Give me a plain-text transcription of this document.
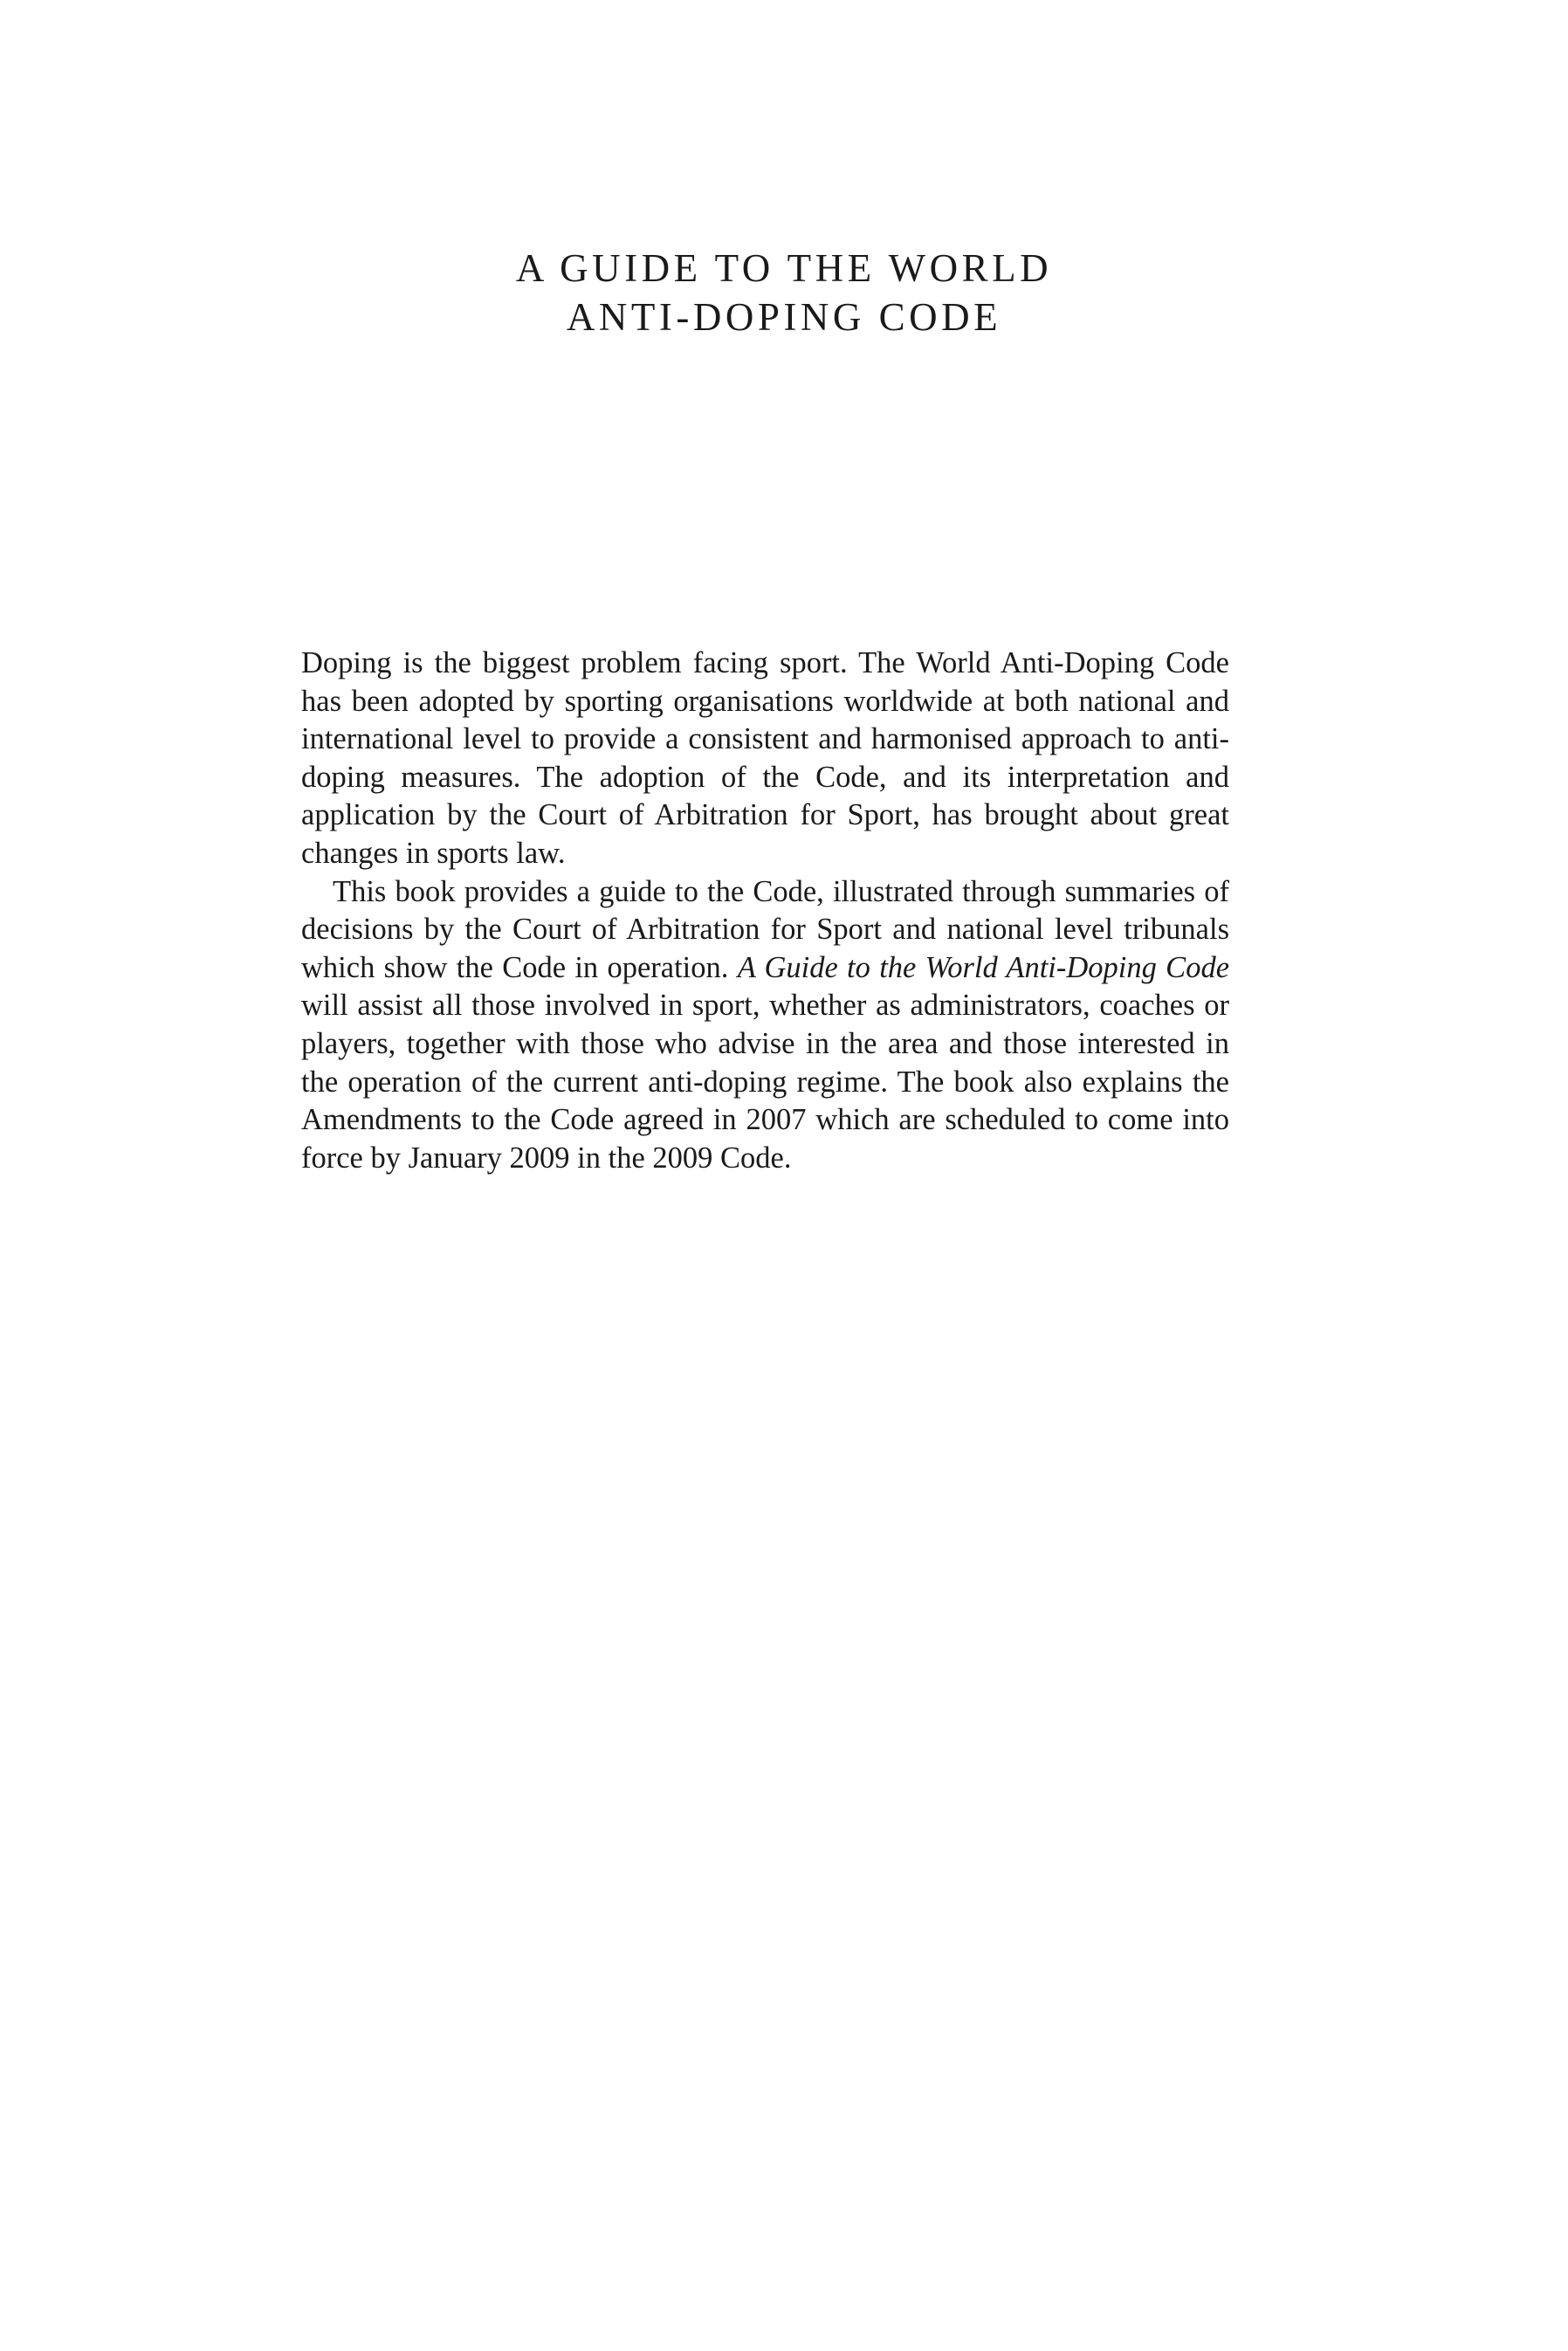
A GUIDE TO THE WORLD
ANTI-DOPING CODE

Doping is the biggest problem facing sport. The World Anti-Doping Code has been adopted by sporting organisations worldwide at both national and international level to provide a consistent and harmonised approach to anti-doping measures. The adoption of the Code, and its interpretation and application by the Court of Arbitration for Sport, has brought about great changes in sports law.

This book provides a guide to the Code, illustrated through summaries of decisions by the Court of Arbitration for Sport and national level tribunals which show the Code in operation. A Guide to the World Anti-Doping Code will assist all those involved in sport, whether as administrators, coaches or players, together with those who advise in the area and those interested in the operation of the current anti-doping regime. The book also explains the Amendments to the Code agreed in 2007 which are scheduled to come into force by January 2009 in the 2009 Code.
